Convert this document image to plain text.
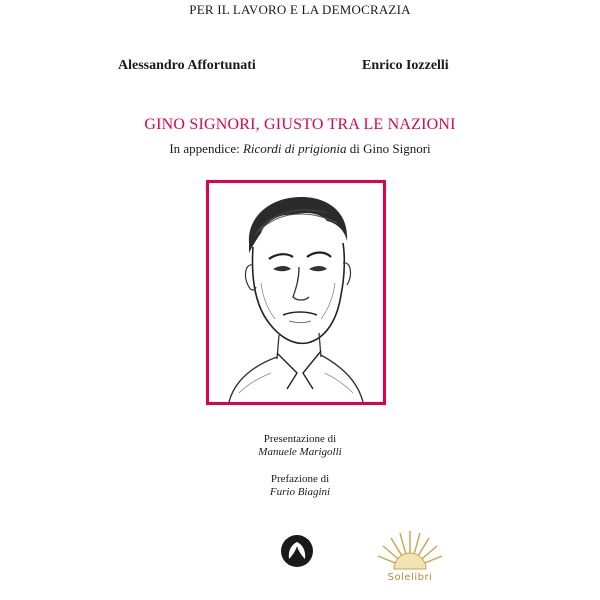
PER IL LAVORO E LA DEMOCRAZIA
Alessandro Affortunati	Enrico Iozzelli
GINO SIGNORI, GIUSTO TRA LE NAZIONI
In appendice: Ricordi di prigionia di Gino Signori
Presentazione di
Manuele Marigolli
Prefazione di
Furio Biagini
Solelibri
